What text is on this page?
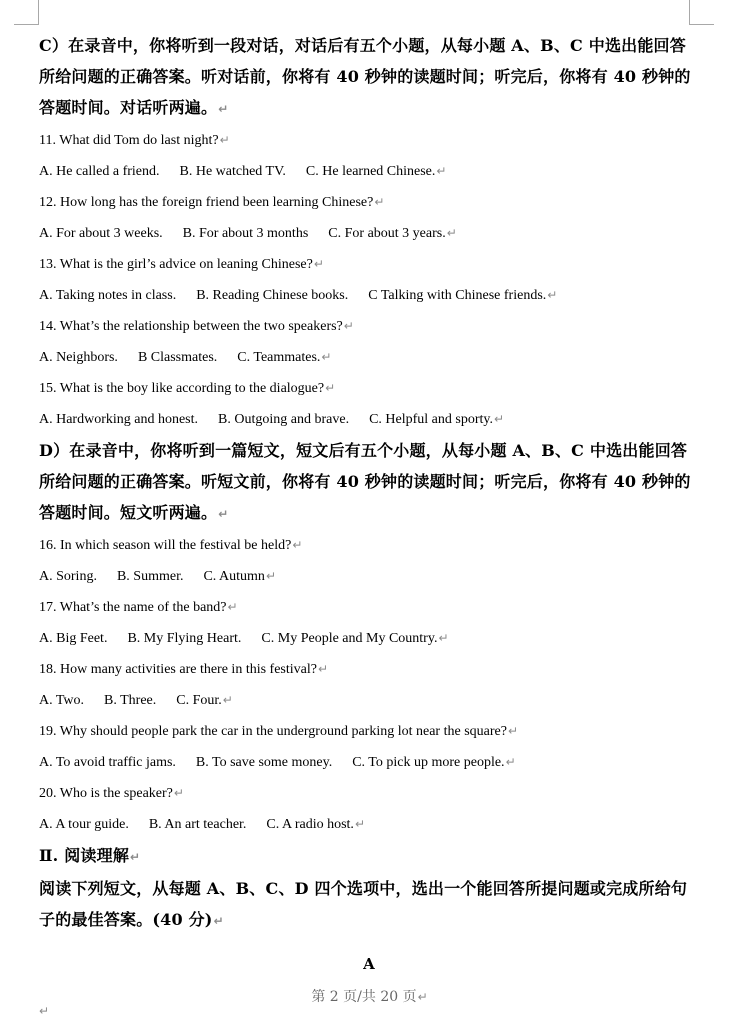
C）在录音中，你将听到一段对话，对话后有五个小题，从每小题 A、B、C 中选出能回答所给问题的正确答案。听对话前，你将有 40 秒钟的读题时间；听完后，你将有 40 秒钟的答题时间。对话听两遍。↵

11. What did Tom do last night?↵
A. He called a friend. B. He watched TV. C. He learned Chinese.↵
12. How long has the foreign friend been learning Chinese?↵
A. For about 3 weeks. B. For about 3 months C. For about 3 years.↵
13. What is the girl’s advice on leaning Chinese?↵
A. Taking notes in class. B. Reading Chinese books. C Talking with Chinese friends.↵
14. What’s the relationship between the two speakers?↵
A. Neighbors. B Classmates. C. Teammates.↵
15. What is the boy like according to the dialogue?↵
A. Hardworking and honest. B. Outgoing and brave. C. Helpful and sporty.↵

D）在录音中，你将听到一篇短文，短文后有五个小题，从每小题 A、B、C 中选出能回答所给问题的正确答案。听短文前，你将有 40 秒钟的读题时间；听完后，你将有 40 秒钟的答题时间。短文听两遍。↵

16. In which season will the festival be held?↵
A. Soring. B. Summer. C. Autumn↵
17. What’s the name of the band?↵
A. Big Feet. B. My Flying Heart. C. My People and My Country.↵
18. How many activities are there in this festival?↵
A. Two. B. Three. C. Four.↵
19. Why should people park the car in the underground parking lot near the square?↵
A. To avoid traffic jams. B. To save some money. C. To pick up more people.↵
20. Who is the speaker?↵
A. A tour guide. B. An art teacher. C. A radio host.↵

Ⅱ. 阅读理解↵

阅读下列短文，从每题 A、B、C、D 四个选项中，选出一个能回答所提问题或完成所给句子的最佳答案。(40 分)↵

A
第 2 页/共 20 页↵
↵
